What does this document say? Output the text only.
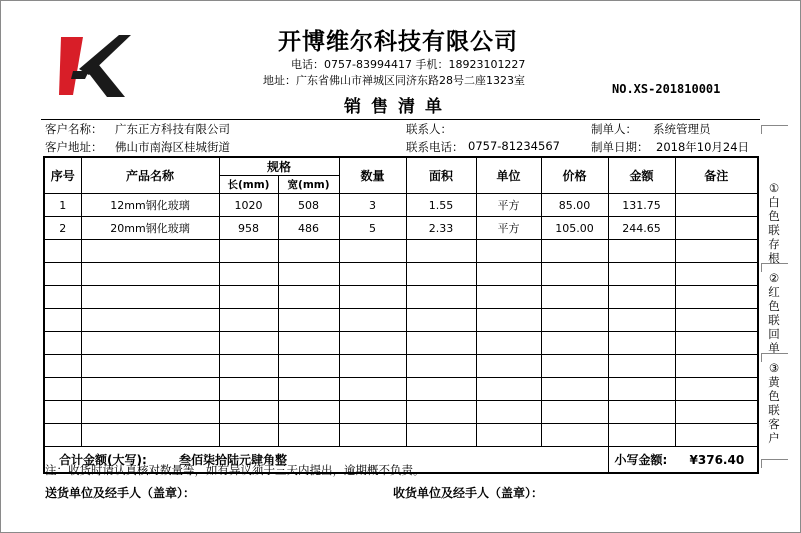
开博维尔科技有限公司
电话：0757-83994417 手机：18923101227
地址：广东省佛山市禅城区同济东路28号二座1323室
销售清单
NO.XS-201810001
客户名称： 广东正方科技有限公司	联系人：	制单人： 系统管理员
客户地址： 佛山市南海区桂城街道	联系电话： 0757-81234567	制单日期： 2018年10月24日
序号	产品名称	规格		数量	面积	单位	价格	金额	备注
		长(mm)	宽(mm)						
1	12mm钢化玻璃	1020	508	3	1.55	平方	85.00	131.75	
2	20mm钢化玻璃	958	486	5	2.33	平方	105.00	244.65	

合计金额(大写): 叁佰柒拾陆元肆角整								小写金额: ¥376.40	
注：收货时请认真核对数量等，如有异议须于三天内提出，逾期概不负责。
送货单位及经手人（盖章）：	收货单位及经手人（盖章）：
①白色联存根
②红色联回单
③黄色联客户
